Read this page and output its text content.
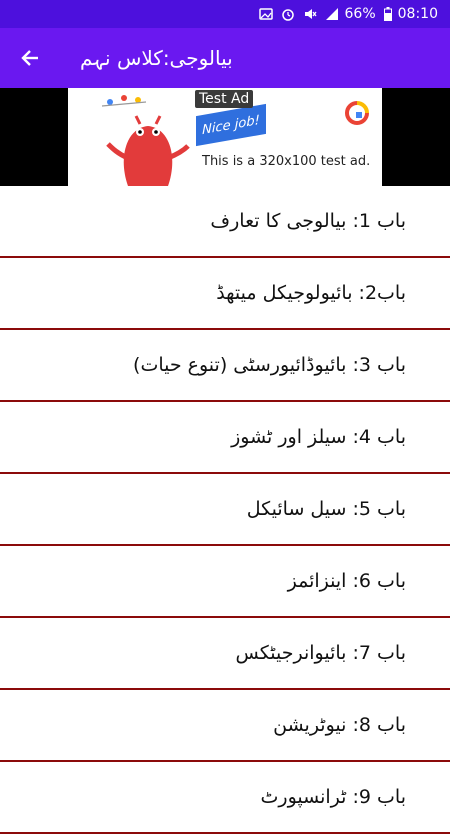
66% 08:10
بیالوجی:کلاس نہم
Nice job!
Test Ad
This is a 320x100 test ad.
باب 1: بیالوجی کا تعارف
باب2: بائیولوجیکل میتھڈ
باب 3: بائیوڈائیورسٹی (تنوع حیات)
باب 4: سیلز اور ٹشوز
باب 5: سیل سائیکل
باب 6: اینزائمز
باب 7: بائیوانرجیٹکس
باب 8: نیوٹریشن
باب 9: ٹرانسپورٹ
